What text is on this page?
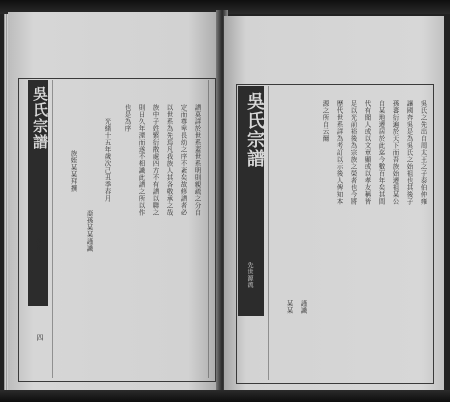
吳氏宗譜
卷首
四
譜莫詳於世系蓋世系明則親疏之分自
定而尊卑長幼之序不紊矣故修譜者必
以世系為先焉凡我族人其各敬承之哉
族中子姓繁衍散處四方不有譜以聯之
則日久年湮而遂不相識此譜之所以作
也是為序
光緒十五年歲次己丑季春月
裔孫某某謹識
族姪某某拜撰
吳氏宗譜
先世源流
吳氏之先出自周太王之子泰伯仲雍
讓國奔吳是為吳氏之始祖也其後子
孫蕃衍遍於天下而吾族始遷祖某公
自某地遷居於此迄今數百年矣其間
代有聞人或以文章顯或以孝友稱皆
足以光前裕後為宗族之榮者也今將
歷代世系詳為考訂以示後人俾知本
源之所自云爾
謹識
某某
